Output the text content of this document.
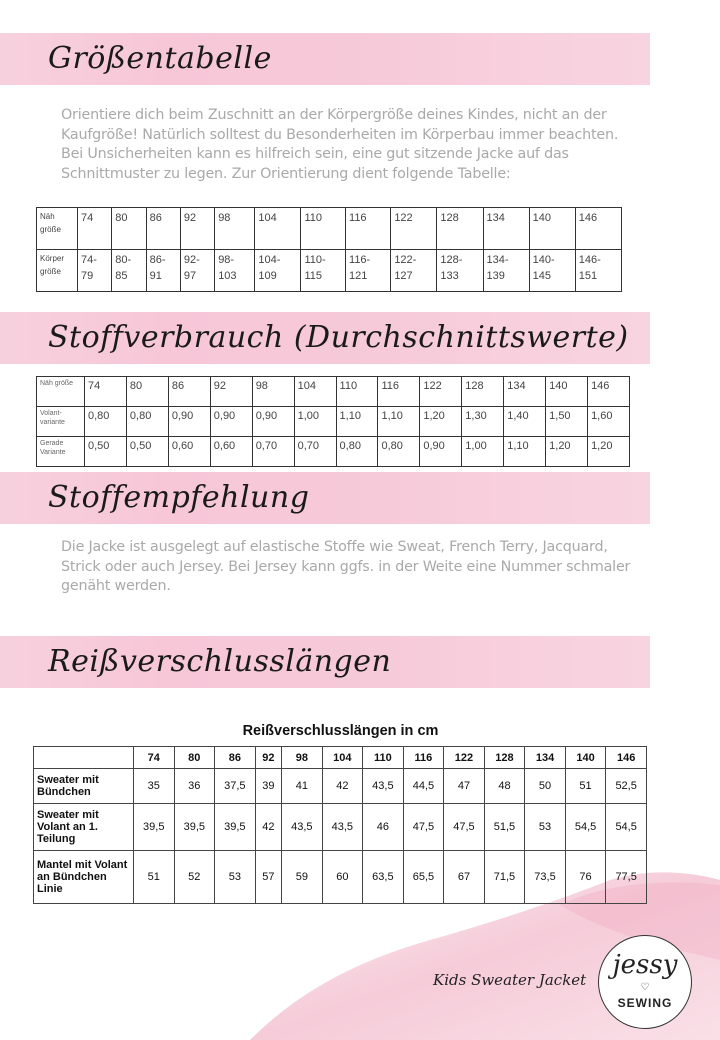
Größentabelle

Orientiere dich beim Zuschnitt an der Körpergröße deines Kindes, nicht an der Kaufgröße! Natürlich solltest du Besonderheiten im Körperbau immer beachten. Bei Unsicherheiten kann es hilfreich sein, eine gut sitzende Jacke auf das Schnittmuster zu legen. Zur Orientierung dient folgende Tabelle:

Näh größe	74	80	86	92	98	104	110	116	122	128	134	140	146
Körper größe	74-79	80-85	86-91	92-97	98-103	104-109	110-115	116-121	122-127	128-133	134-139	140-145	146-151
Stoffverbrauch (Durchschnittswerte)
Näh größe	74	80	86	92	98	104	110	116	122	128	134	140	146
Volant-variante	0,80	0,80	0,90	0,90	0,90	1,00	1,10	1,10	1,20	1,30	1,40	1,50	1,60
Gerade Variante	0,50	0,50	0,60	0,60	0,70	0,70	0,80	0,80	0,90	1,00	1,10	1,20	1,20
Stoffempfehlung

Die Jacke ist ausgelegt auf elastische Stoffe wie Sweat, French Terry, Jacquard, Strick oder auch Jersey. Bei Jersey kann ggfs. in der Weite eine Nummer schmaler genäht werden.

Reißverschlusslängen
Reißverschlusslängen in cm
	74	80	86	92	98	104	110	116	122	128	134	140	146
Sweater mit Bündchen	35	36	37,5	39	41	42	43,5	44,5	47	48	50	51	52,5
Sweater mit Volant an 1. Teilung	39,5	39,5	39,5	42	43,5	43,5	46	47,5	47,5	51,5	53	54,5	54,5
Mantel mit Volant an Bündchen Linie	51	52	53	57	59	60	63,5	65,5	67	71,5	73,5	76	77,5
Kids Sweater Jacket	jessy
♡
SEWING
